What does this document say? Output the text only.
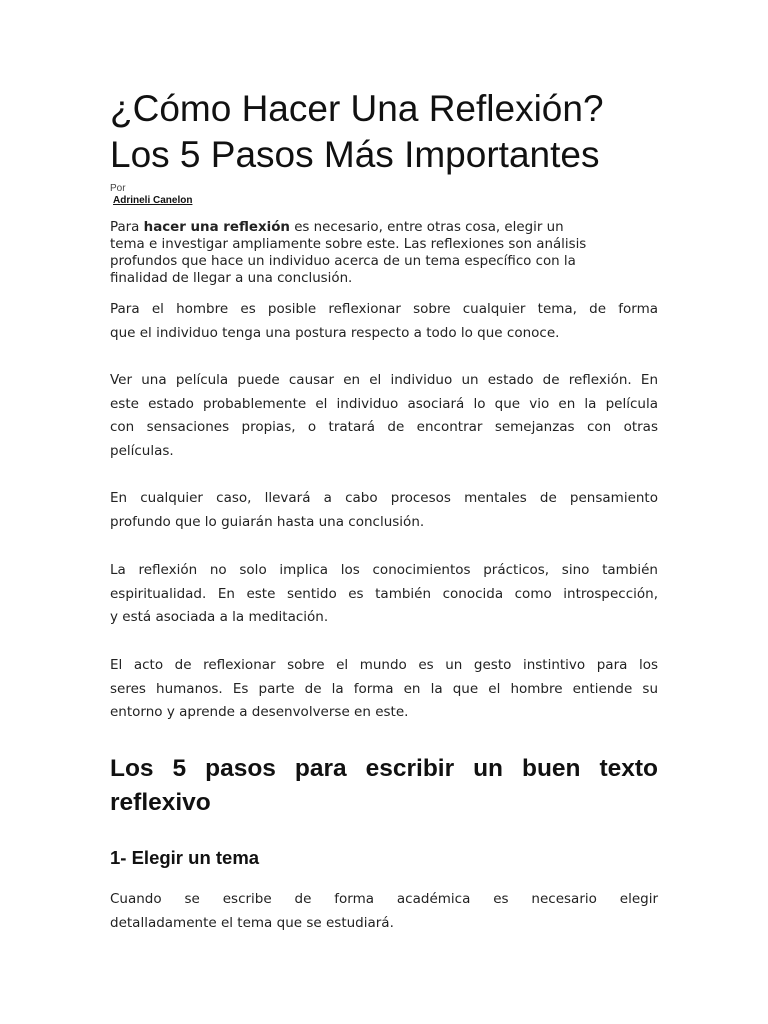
¿Cómo Hacer Una Reflexión?
Los 5 Pasos Más Importantes
Por
Adrineli Canelon
Para hacer una reflexión es necesario, entre otras cosa, elegir un
tema e investigar ampliamente sobre este. Las reflexiones son análisis
profundos que hace un individuo acerca de un tema específico con la
finalidad de llegar a una conclusión.
Para el hombre es posible reflexionar sobre cualquier tema, de forma
que el individuo tenga una postura respecto a todo lo que conoce.
Ver una película puede causar en el individuo un estado de reflexión. En
este estado probablemente el individuo asociará lo que vio en la película
con sensaciones propias, o tratará de encontrar semejanzas con otras
películas.
En cualquier caso, llevará a cabo procesos mentales de pensamiento
profundo que lo guiarán hasta una conclusión.
La reflexión no solo implica los conocimientos prácticos, sino también
espiritualidad. En este sentido es también conocida como introspección,
y está asociada a la meditación.
El acto de reflexionar sobre el mundo es un gesto instintivo para los
seres humanos. Es parte de la forma en la que el hombre entiende su
entorno y aprende a desenvolverse en este.
Los 5 pasos para escribir un buen texto
reflexivo
1- Elegir un tema
Cuando se escribe de forma académica es necesario elegir
detalladamente el tema que se estudiará.
